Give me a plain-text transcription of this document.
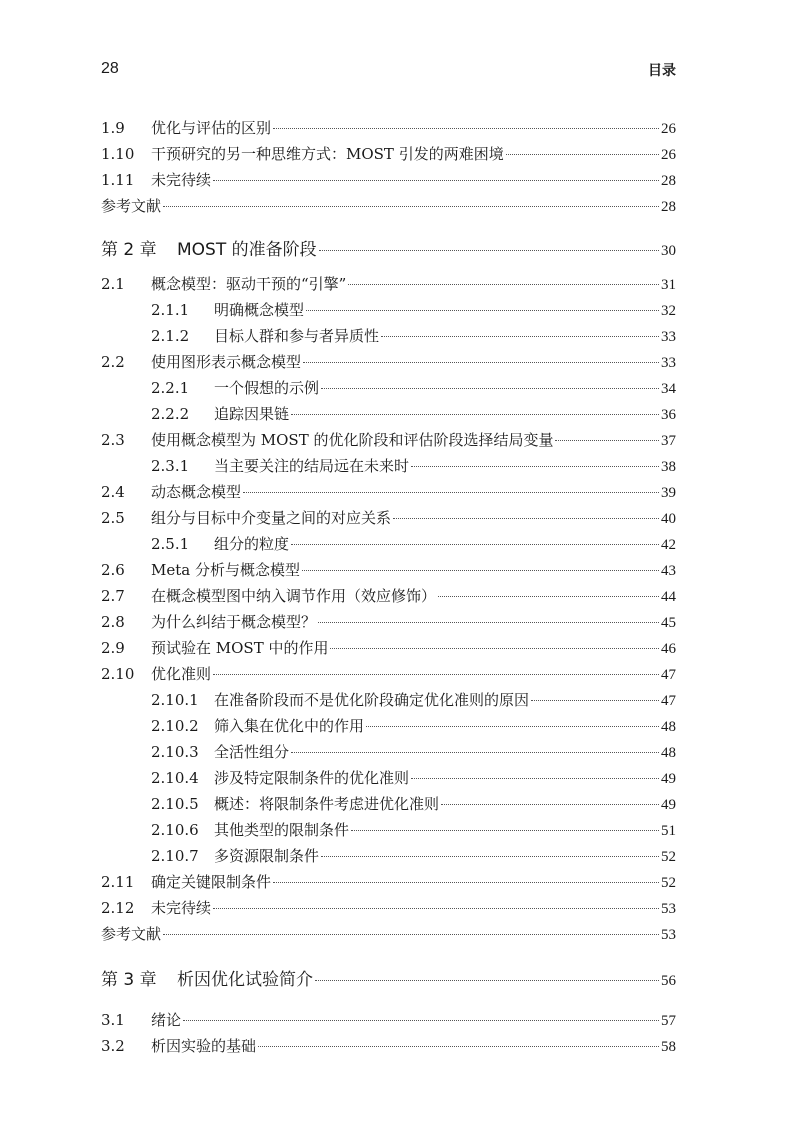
28	目录
1.9	优化与评估的区别	26
1.10	干预研究的另一种思维方式：MOST 引发的两难困境	26
1.11	未完待续	28
参考文献	28
第 2 章	MOST 的准备阶段	30
2.1	概念模型：驱动干预的“引擎”	31
2.1.1	明确概念模型	32
2.1.2	目标人群和参与者异质性	33
2.2	使用图形表示概念模型	33
2.2.1	一个假想的示例	34
2.2.2	追踪因果链	36
2.3	使用概念模型为 MOST 的优化阶段和评估阶段选择结局变量	37
2.3.1	当主要关注的结局远在未来时	38
2.4	动态概念模型	39
2.5	组分与目标中介变量之间的对应关系	40
2.5.1	组分的粒度	42
2.6	Meta 分析与概念模型	43
2.7	在概念模型图中纳入调节作用（效应修饰）	44
2.8	为什么纠结于概念模型？	45
2.9	预试验在 MOST 中的作用	46
2.10	优化准则	47
2.10.1	在准备阶段而不是优化阶段确定优化准则的原因	47
2.10.2	筛入集在优化中的作用	48
2.10.3	全活性组分	48
2.10.4	涉及特定限制条件的优化准则	49
2.10.5	概述：将限制条件考虑进优化准则	49
2.10.6	其他类型的限制条件	51
2.10.7	多资源限制条件	52
2.11	确定关键限制条件	52
2.12	未完待续	53
参考文献	53
第 3 章	析因优化试验简介	56
3.1	绪论	57
3.2	析因实验的基础	58
